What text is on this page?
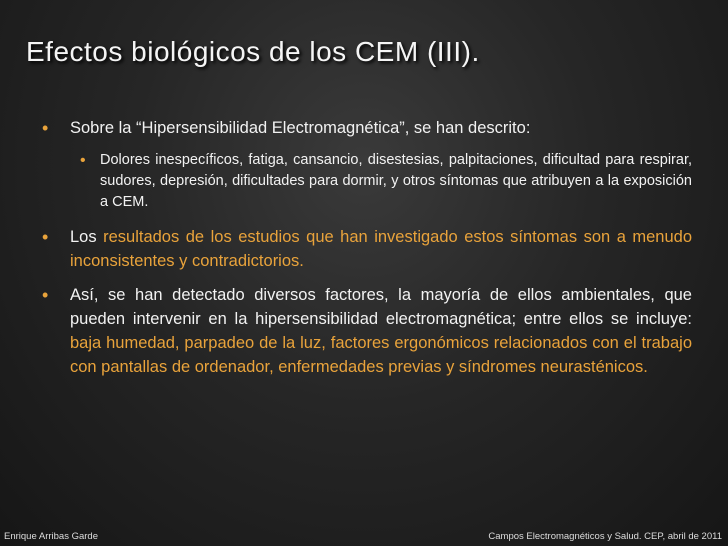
Efectos biológicos de los CEM (III).
• Sobre la “Hipersensibilidad Electromagnética”, se han descrito:
• Dolores inespecíficos, fatiga, cansancio, disestesias, palpitaciones, dificultad para respirar, sudores, depresión, dificultades para dormir, y otros síntomas que atribuyen a la exposición a CEM.
• Los resultados de los estudios que han investigado estos síntomas son a menudo inconsistentes y contradictorios.
• Así, se han detectado diversos factores, la mayoría de ellos ambientales, que pueden intervenir en la hipersensibilidad electromagnética; entre ellos se incluye: baja humedad, parpadeo de la luz, factores ergonómicos relacionados con el trabajo con pantallas de ordenador, enfermedades previas y síndromes neurasténicos.
Enrique Arribas Garde	Campos Electromagnéticos y Salud. CEP, abril de 2011
